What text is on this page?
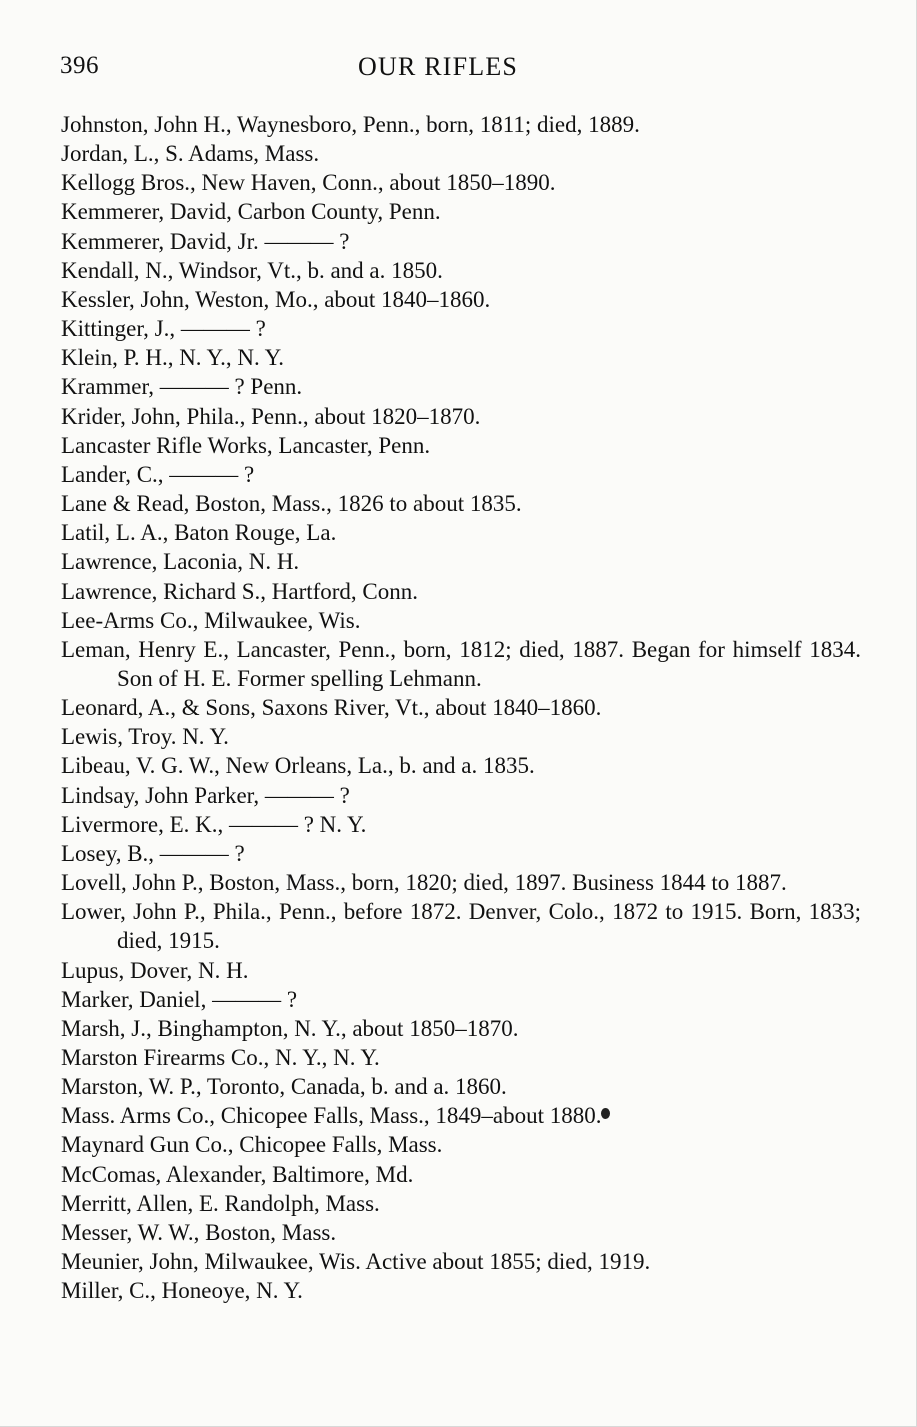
396	OUR RIFLES
Johnston, John H., Waynesboro, Penn., born, 1811; died, 1889.
Jordan, L., S. Adams, Mass.
Kellogg Bros., New Haven, Conn., about 1850–1890.
Kemmerer, David, Carbon County, Penn.
Kemmerer, David, Jr. ——— ?
Kendall, N., Windsor, Vt., b. and a. 1850.
Kessler, John, Weston, Mo., about 1840–1860.
Kittinger, J., ——— ?
Klein, P. H., N. Y., N. Y.
Krammer, ——— ? Penn.
Krider, John, Phila., Penn., about 1820–1870.
Lancaster Rifle Works, Lancaster, Penn.
Lander, C., ——— ?
Lane & Read, Boston, Mass., 1826 to about 1835.
Latil, L. A., Baton Rouge, La.
Lawrence, Laconia, N. H.
Lawrence, Richard S., Hartford, Conn.
Lee-Arms Co., Milwaukee, Wis.
Leman, Henry E., Lancaster, Penn., born, 1812; died, 1887. Began for himself 1834. Son of H. E. Former spelling Lehmann.
Leonard, A., & Sons, Saxons River, Vt., about 1840–1860.
Lewis, Troy. N. Y.
Libeau, V. G. W., New Orleans, La., b. and a. 1835.
Lindsay, John Parker, ——— ?
Livermore, E. K., ——— ? N. Y.
Losey, B., ——— ?
Lovell, John P., Boston, Mass., born, 1820; died, 1897. Business 1844 to 1887.
Lower, John P., Phila., Penn., before 1872. Denver, Colo., 1872 to 1915. Born, 1833; died, 1915.
Lupus, Dover, N. H.
Marker, Daniel, ——— ?
Marsh, J., Binghampton, N. Y., about 1850–1870.
Marston Firearms Co., N. Y., N. Y.
Marston, W. P., Toronto, Canada, b. and a. 1860.
Mass. Arms Co., Chicopee Falls, Mass., 1849–about 1880.
Maynard Gun Co., Chicopee Falls, Mass.
McComas, Alexander, Baltimore, Md.
Merritt, Allen, E. Randolph, Mass.
Messer, W. W., Boston, Mass.
Meunier, John, Milwaukee, Wis. Active about 1855; died, 1919.
Miller, C., Honeoye, N. Y.
